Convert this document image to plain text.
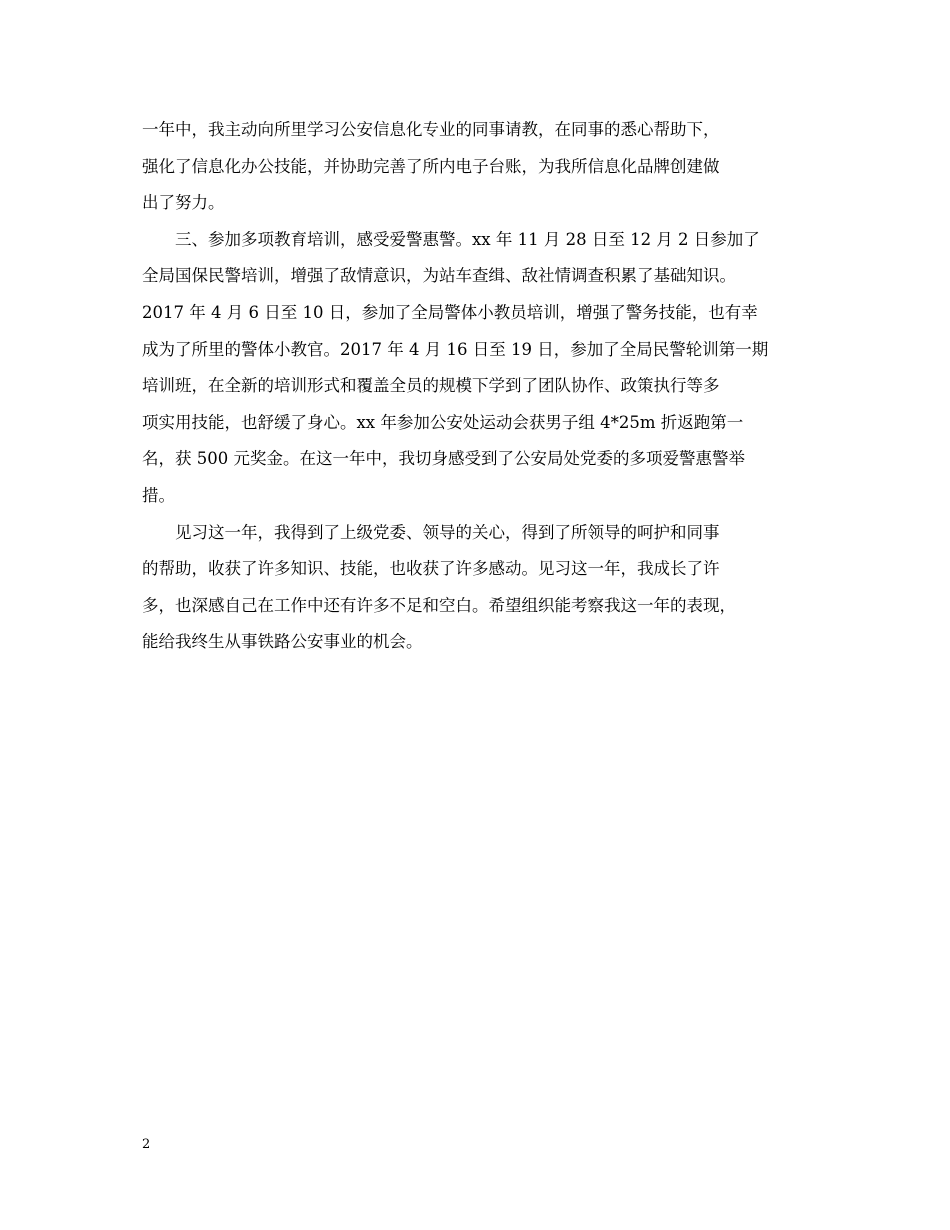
一年中，我主动向所里学习公安信息化专业的同事请教，在同事的悉心帮助下，
强化了信息化办公技能，并协助完善了所内电子台账，为我所信息化品牌创建做
出了努力。
　　三、参加多项教育培训，感受爱警惠警。xx 年 11 月 28 日至 12 月 2 日参加了
全局国保民警培训，增强了敌情意识，为站车查缉、敌社情调查积累了基础知识。
2017 年 4 月 6 日至 10 日，参加了全局警体小教员培训，增强了警务技能，也有幸
成为了所里的警体小教官。2017 年 4 月 16 日至 19 日，参加了全局民警轮训第一期
培训班，在全新的培训形式和覆盖全员的规模下学到了团队协作、政策执行等多
项实用技能，也舒缓了身心。xx 年参加公安处运动会获男子组 4*25m 折返跑第一
名，获 500 元奖金。在这一年中，我切身感受到了公安局处党委的多项爱警惠警举
措。
　　见习这一年，我得到了上级党委、领导的关心，得到了所领导的呵护和同事
的帮助，收获了许多知识、技能，也收获了许多感动。见习这一年，我成长了许
多，也深感自己在工作中还有许多不足和空白。希望组织能考察我这一年的表现，
能给我终生从事铁路公安事业的机会。
2
